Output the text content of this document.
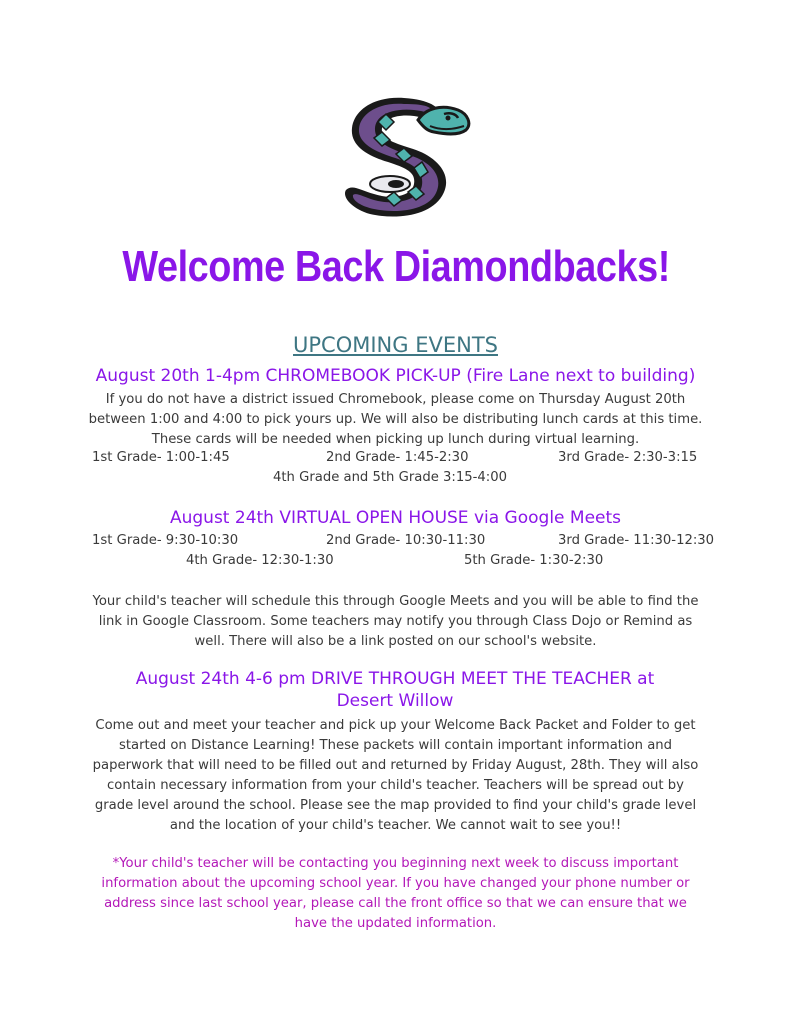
Welcome Back Diamondbacks!
UPCOMING EVENTS
August 20th 1-4pm CHROMEBOOK PICK-UP (Fire Lane next to building)
If you do not have a district issued Chromebook, please come on Thursday August 20th between 1:00 and 4:00 to pick yours up. We will also be distributing lunch cards at this time. These cards will be needed when picking up lunch during virtual learning.
1st Grade- 1:00-1:45	2nd Grade- 1:45-2:30	3rd Grade- 2:30-3:15
4th Grade and 5th Grade 3:15-4:00
August 24th VIRTUAL OPEN HOUSE via Google Meets
1st Grade- 9:30-10:30	2nd Grade- 10:30-11:30	3rd Grade- 11:30-12:30
4th Grade- 12:30-1:30	5th Grade- 1:30-2:30
Your child's teacher will schedule this through Google Meets and you will be able to find the link in Google Classroom. Some teachers may notify you through Class Dojo or Remind as well. There will also be a link posted on our school's website.
August 24th 4-6 pm DRIVE THROUGH MEET THE TEACHER at Desert Willow
Come out and meet your teacher and pick up your Welcome Back Packet and Folder to get started on Distance Learning! These packets will contain important information and paperwork that will need to be filled out and returned by Friday August, 28th. They will also contain necessary information from your child's teacher. Teachers will be spread out by grade level around the school. Please see the map provided to find your child's grade level and the location of your child's teacher. We cannot wait to see you!!
*Your child's teacher will be contacting you beginning next week to discuss important information about the upcoming school year. If you have changed your phone number or address since last school year, please call the front office so that we can ensure that we have the updated information.
